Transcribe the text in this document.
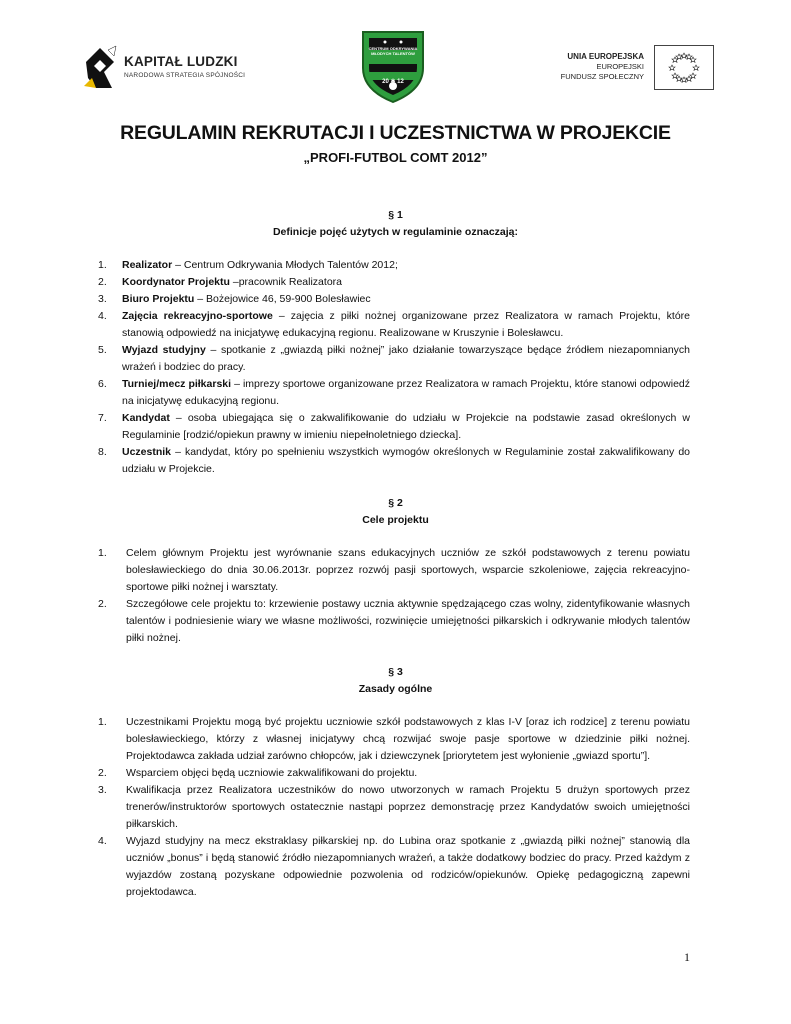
KAPITAŁ LUDZKI
NARODOWA STRATEGIA SPÓJNOŚCI
CENTRUM ODKRYWANIA MŁODYCH TALENTÓW
20 ✱ 12
UNIA EUROPEJSKA
EUROPEJSKI
FUNDUSZ SPOŁECZNY
REGULAMIN REKRUTACJI I UCZESTNICTWA W PROJEKCIE
„PROFI-FUTBOL COMT 2012”
§ 1
Definicje pojęć użytych w regulaminie oznaczają:
1. Realizator – Centrum Odkrywania Młodych Talentów 2012;
2. Koordynator Projektu –pracownik Realizatora
3. Biuro Projektu – Bożejowice 46, 59-900 Bolesławiec
4. Zajęcia rekreacyjno-sportowe – zajęcia z piłki nożnej organizowane przez Realizatora w ramach Projektu, które stanowią odpowiedź na inicjatywę edukacyjną regionu. Realizowane w Kruszynie i Bolesławcu.
5. Wyjazd studyjny – spotkanie z „gwiazdą piłki nożnej” jako działanie towarzyszące będące źródłem niezapomnianych wrażeń i bodziec do pracy.
6. Turniej/mecz piłkarski – imprezy sportowe organizowane przez Realizatora w ramach Projektu, które stanowi odpowiedź na inicjatywę edukacyjną regionu.
7. Kandydat – osoba ubiegająca się o zakwalifikowanie do udziału w Projekcie na podstawie zasad określonych w Regulaminie [rodzić/opiekun prawny w imieniu niepełnoletniego dziecka].
8. Uczestnik – kandydat, który po spełnieniu wszystkich wymogów określonych w Regulaminie został zakwalifikowany do udziału w Projekcie.
§ 2
Cele projektu
1. Celem głównym Projektu jest wyrównanie szans edukacyjnych uczniów ze szkół podstawowych z terenu powiatu bolesławieckiego do dnia 30.06.2013r. poprzez rozwój pasji sportowych, wsparcie szkoleniowe, zajęcia rekreacyjno-sportowe piłki nożnej i warsztaty.
2. Szczegółowe cele projektu to: krzewienie postawy ucznia aktywnie spędzającego czas wolny, zidentyfikowanie własnych talentów i podniesienie wiary we własne możliwości, rozwinięcie umiejętności piłkarskich i odkrywanie młodych talentów piłki nożnej.
§ 3
Zasady ogólne
1. Uczestnikami Projektu mogą być projektu uczniowie szkół podstawowych z klas I-V [oraz ich rodzice] z terenu powiatu bolesławieckiego, którzy z własnej inicjatywy chcą rozwijać swoje pasje sportowe w dziedzinie piłki nożnej. Projektodawca zakłada udział zarówno chłopców, jak i dziewczynek [priorytetem jest wyłonienie „gwiazd sportu”].
2. Wsparciem objęci będą uczniowie zakwalifikowani do projektu.
3. Kwalifikacja przez Realizatora uczestników do nowo utworzonych w ramach Projektu 5 drużyn sportowych przez trenerów/instruktorów sportowych ostatecznie nastąpi poprzez demonstrację przez Kandydatów swoich umiejętności piłkarskich.
4. Wyjazd studyjny na mecz ekstraklasy piłkarskiej np. do Lubina oraz spotkanie z „gwiazdą piłki nożnej” stanowią dla uczniów „bonus” i będą stanowić źródło niezapomnianych wrażeń, a także dodatkowy bodziec do pracy. Przed każdym z wyjazdów zostaną pozyskane odpowiednie pozwolenia od rodziców/opiekunów. Opiekę pedagogiczną zapewni projektodawca.
1
